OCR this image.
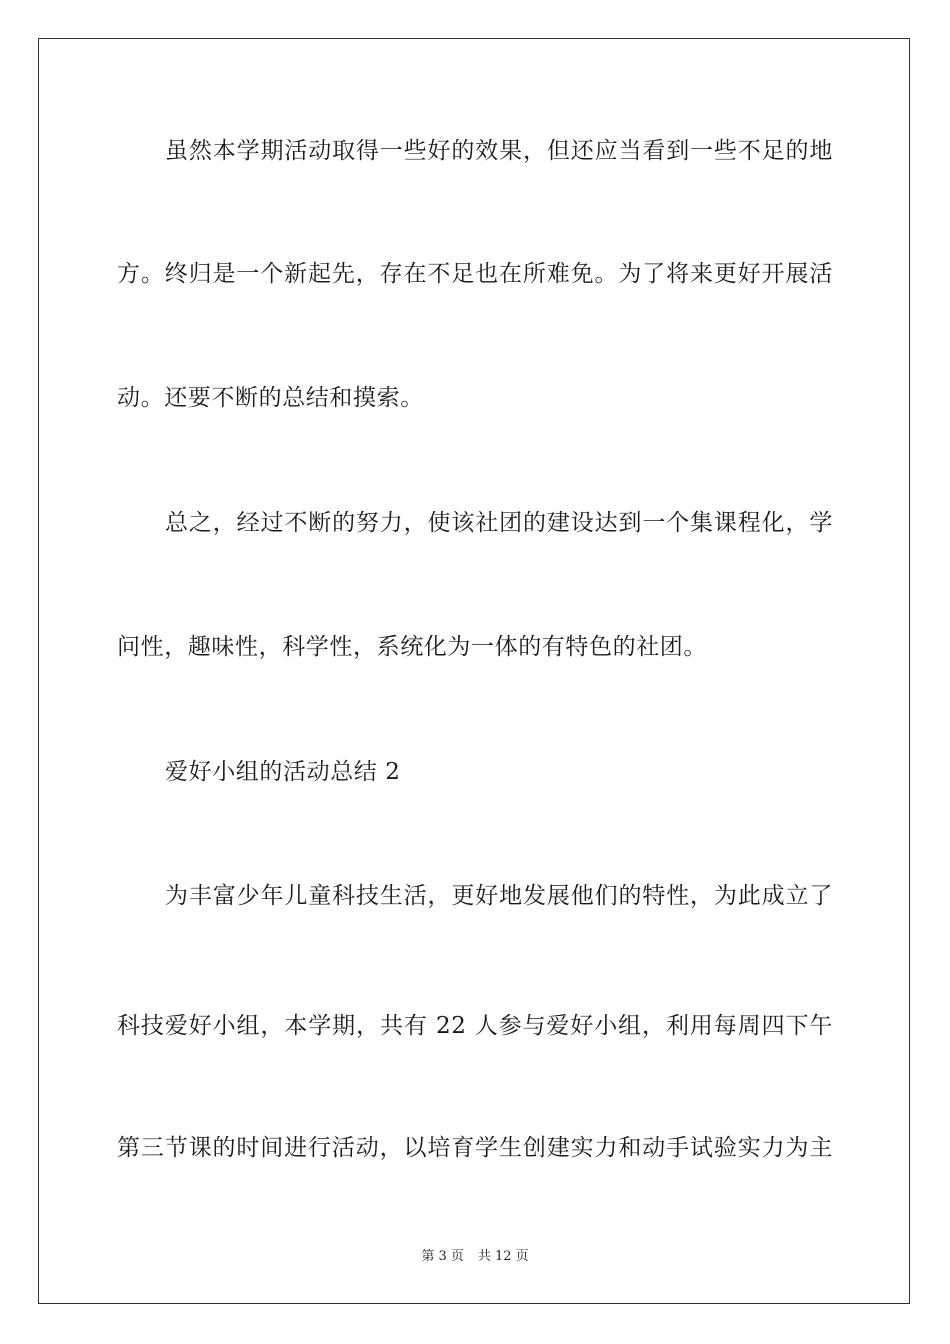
虽然本学期活动取得一些好的效果，但还应当看到一些不足的地
方。终归是一个新起先，存在不足也在所难免。为了将来更好开展活
动。还要不断的总结和摸索。
总之，经过不断的努力，使该社团的建设达到一个集课程化，学
问性，趣味性，科学性，系统化为一体的有特色的社团。
爱好小组的活动总结 2
为丰富少年儿童科技生活，更好地发展他们的特性，为此成立了
科技爱好小组，本学期，共有 22 人参与爱好小组，利用每周四下午
第三节课的时间进行活动，以培育学生创建实力和动手试验实力为主
第 3 页 共 12 页
